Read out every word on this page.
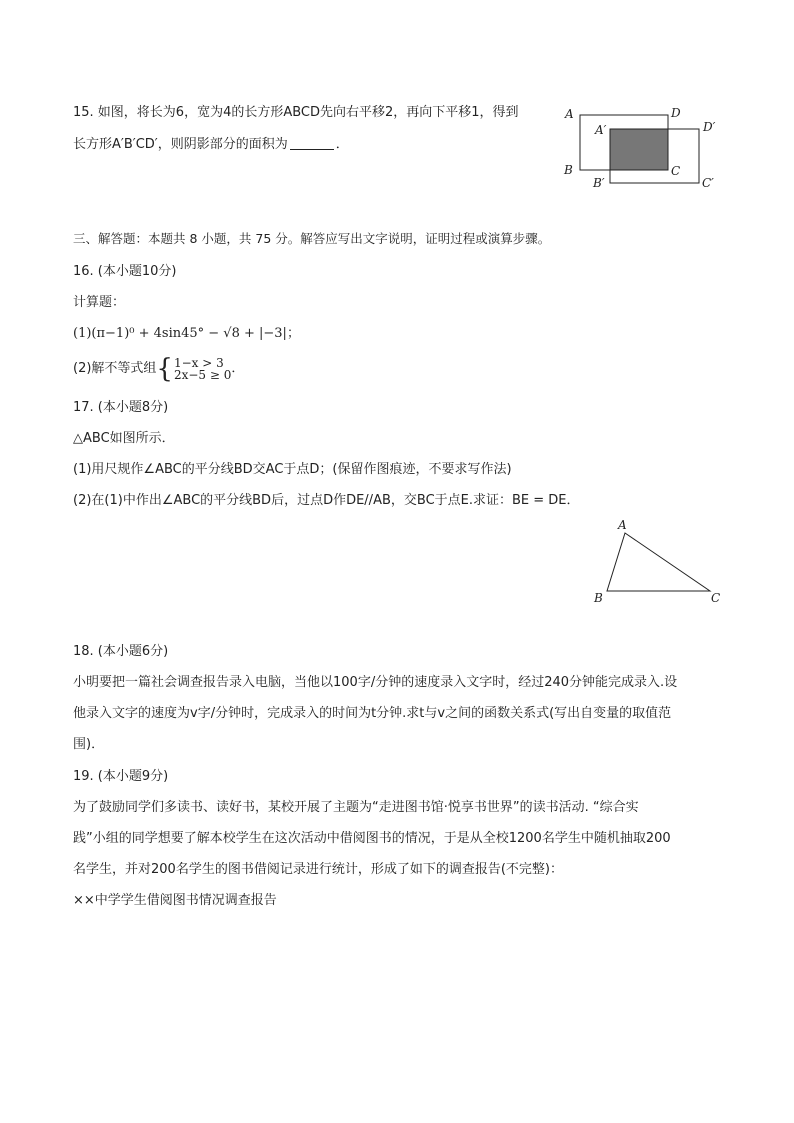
15. 如图，将长为6，宽为4的长方形ABCD先向右平移2，再向下平移1，得到
长方形A′B′CD′，则阴影部分的面积为	．
A	D
A′	D′
B	C
B′	C′
三、解答题：本题共 8 小题，共 75 分。解答应写出文字说明，证明过程或演算步骤。
16. (本小题10分)
计算题：
(1)(π−1)⁰ + 4sin45° − √8 + |−3|；
(2)解不等式组{ 1−x > 3
2x−5 ≥ 0 ．
17. (本小题8分)
△ABC如图所示．
(1)用尺规作∠ABC的平分线BD交AC于点D；(保留作图痕迹，不要求写作法)
(2)在(1)中作出∠ABC的平分线BD后，过点D作DE//AB，交BC于点E.求证：BE = DE．
A
B	C
18. (本小题6分)
小明要把一篇社会调查报告录入电脑，当他以100字/分钟的速度录入文字时，经过240分钟能完成录入.设
他录入文字的速度为v字/分钟时，完成录入的时间为t分钟.求t与v之间的函数关系式(写出自变量的取值范
围)．
19. (本小题9分)
为了鼓励同学们多读书、读好书，某校开展了主题为“走进图书馆·悦享书世界”的读书活动. “综合实
践”小组的同学想要了解本校学生在这次活动中借阅图书的情况，于是从全校1200名学生中随机抽取200
名学生，并对200名学生的图书借阅记录进行统计，形成了如下的调查报告(不完整)：
××中学学生借阅图书情况调查报告
